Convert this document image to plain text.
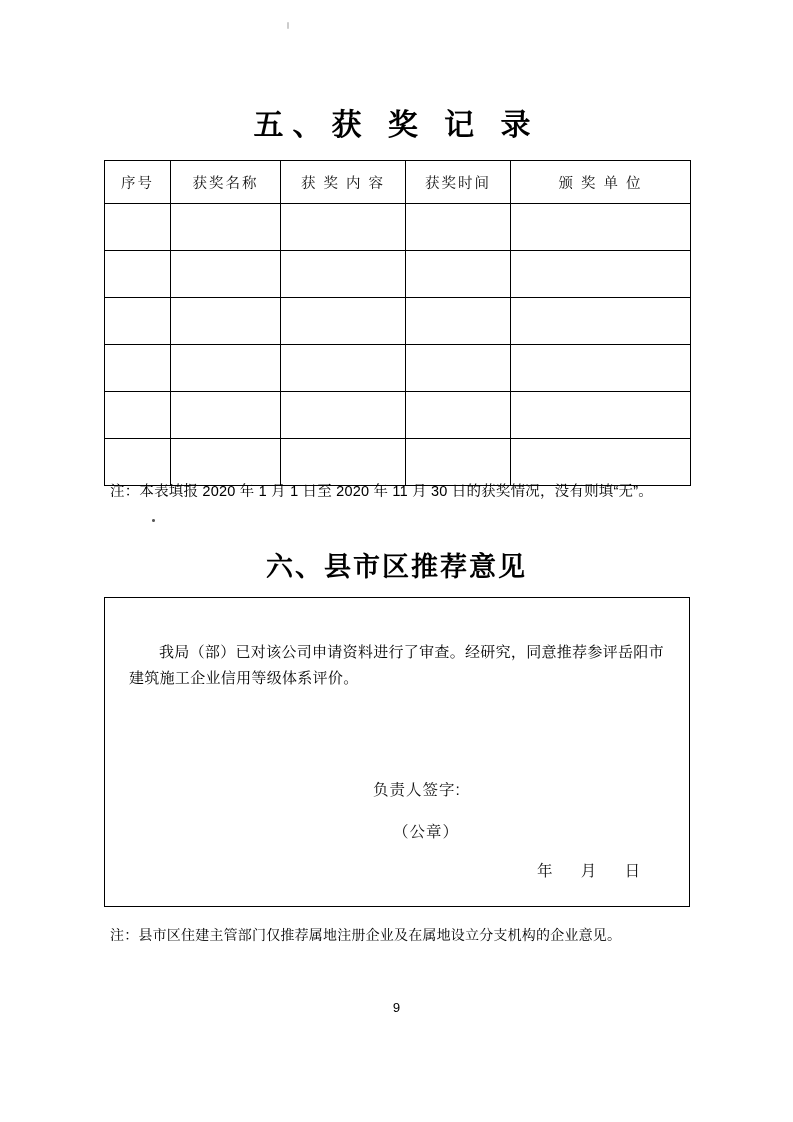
五、获 奖 记 录
序号	获奖名称	获 奖 内 容	获奖时间	颁 奖 单 位

注：本表填报 2020 年 1 月 1 日至 2020 年 11 月 30 日的获奖情况，没有则填“无”。
六、县市区推荐意见
我局（部）已对该公司申请资料进行了审查。经研究，同意推荐参评岳阳市建筑施工企业信用等级体系评价。
负责人签字:
（公章）
年 月 日
注：县市区住建主管部门仅推荐属地注册企业及在属地设立分支机构的企业意见。
9
